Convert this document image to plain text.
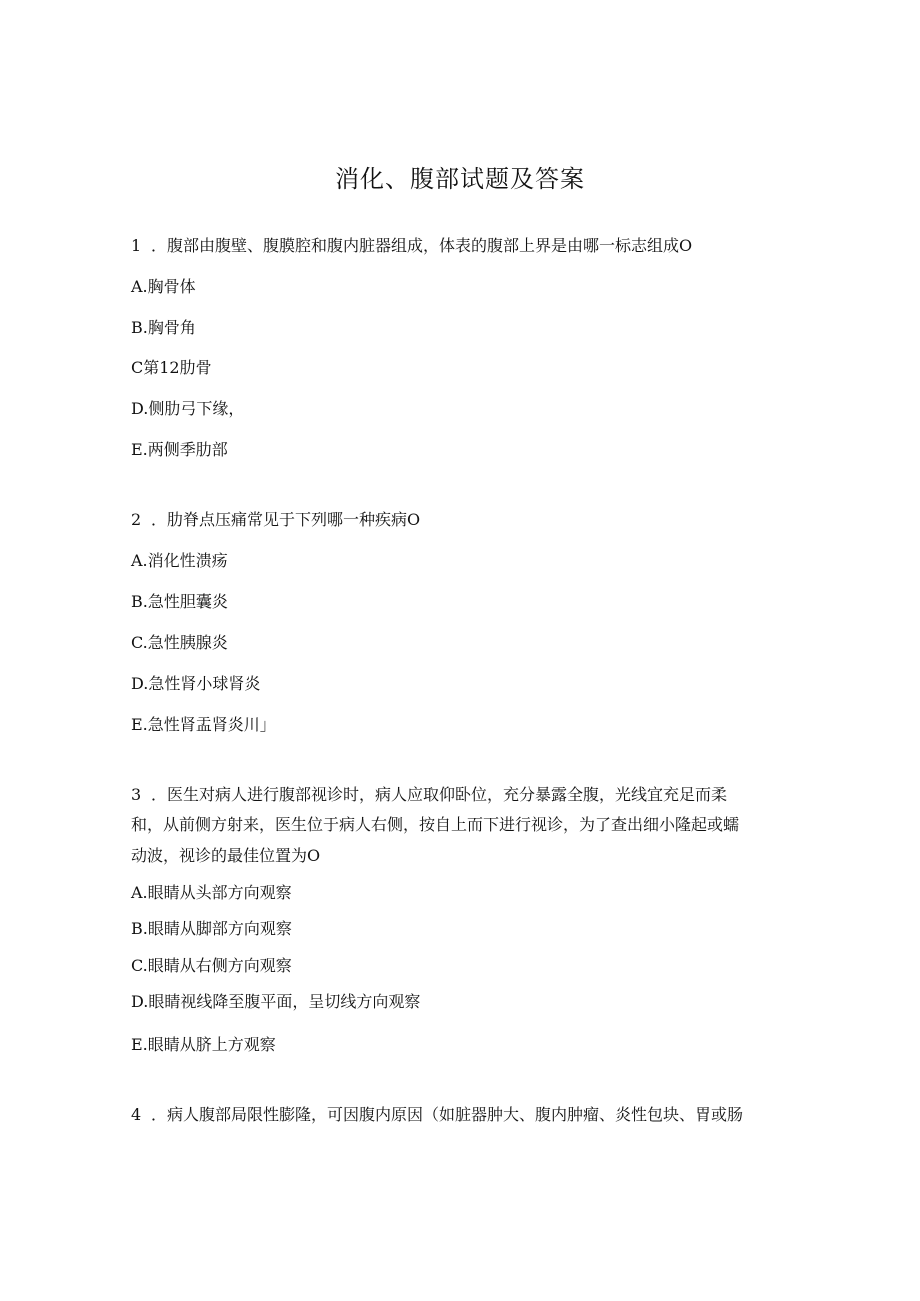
消化、腹部试题及答案
1 ．腹部由腹壁、腹膜腔和腹内脏器组成，体表的腹部上界是由哪一标志组成O
A.胸骨体
B.胸骨角
C第12肋骨
D.侧肋弓下缘，
E.两侧季肋部
2 ．肋脊点压痛常见于下列哪一种疾病O
A.消化性溃疡
B.急性胆囊炎
C.急性胰腺炎
D.急性肾小球肾炎
E.急性肾盂肾炎川」
3 ．医生对病人进行腹部视诊时，病人应取仰卧位，充分暴露全腹，光线宜充足而柔
和，从前侧方射来，医生位于病人右侧，按自上而下进行视诊，为了查出细小隆起或蠕
动波，视诊的最佳位置为O
A.眼睛从头部方向观察
B.眼睛从脚部方向观察
C.眼睛从右侧方向观察
D.眼睛视线降至腹平面，呈切线方向观察
E.眼睛从脐上方观察
4 ．病人腹部局限性膨隆，可因腹内原因（如脏器肿大、腹内肿瘤、炎性包块、胃或肠
